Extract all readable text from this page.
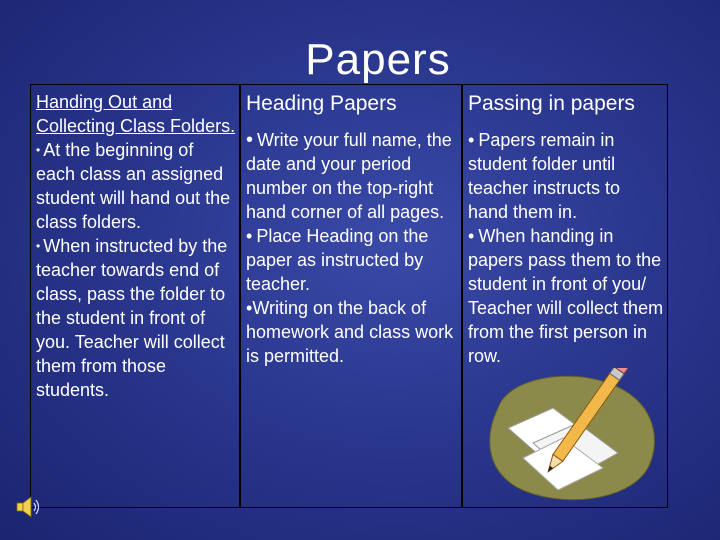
Papers
Handing Out and Collecting Class Folders.
• At the beginning of each class an assigned student will hand out the class folders.
• When instructed by the teacher towards end of class, pass the folder to the student in front of you. Teacher will collect them from those students.
Heading Papers
• Write your full name, the date and your period number on the top-right hand corner of all pages.
• Place Heading on the paper as instructed by teacher.
•Writing on the back of homework and class work is permitted.
Passing in papers
• Papers remain in student folder until teacher instructs to hand them in.
• When handing in papers pass them to the student in front of you/ Teacher will collect them from the first person in row.
